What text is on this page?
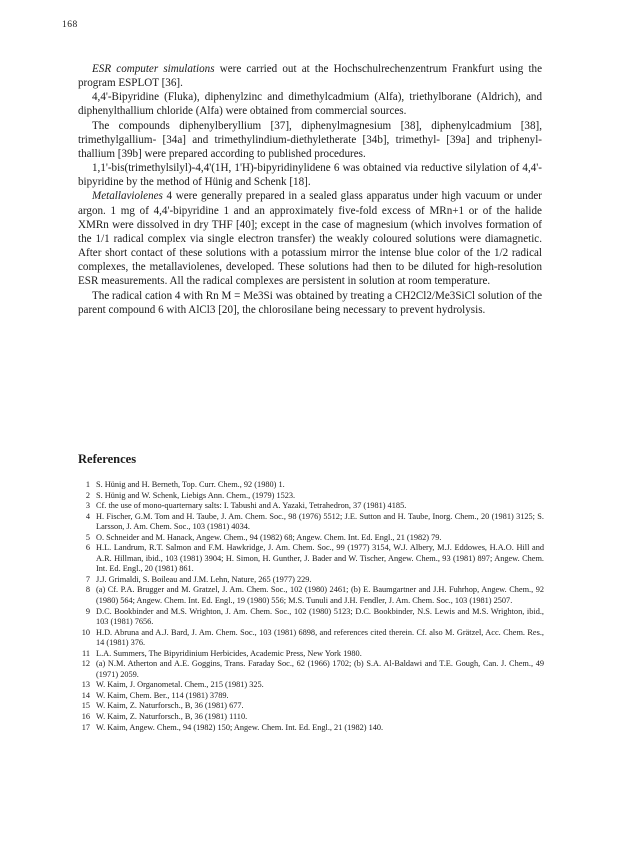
168

ESR computer simulations were carried out at the Hochschulrechenzentrum Frankfurt using the program ESPLOT [36].

4,4'-Bipyridine (Fluka), diphenylzinc and dimethylcadmium (Alfa), triethylborane (Aldrich), and diphenylthallium chloride (Alfa) were obtained from commercial sources.

The compounds diphenylberyllium [37], diphenylmagnesium [38], diphenylcadmium [38], trimethylgallium- [34a] and trimethylindium-diethyletherate [34b], trimethyl- [39a] and triphenyl-thallium [39b] were prepared according to published procedures.

1,1'-bis(trimethylsilyl)-4,4'(1H, 1'H)-bipyridinylidene 6 was obtained via reductive silylation of 4,4'-bipyridine by the method of Hünig and Schenk [18].

Metallaviolenes 4 were generally prepared in a sealed glass apparatus under high vacuum or under argon. 1 mg of 4,4'-bipyridine 1 and an approximately five-fold excess of MRn+1 or of the halide XMRn were dissolved in dry THF [40]; except in the case of magnesium (which involves formation of the 1/1 radical complex via single electron transfer) the weakly coloured solutions were diamagnetic. After short contact of these solutions with a potassium mirror the intense blue color of the 1/2 radical complexes, the metallaviolenes, developed. These solutions had then to be diluted for high-resolution ESR measurements. All the radical complexes are persistent in solution at room temperature.

The radical cation 4 with Rn M = Me3Si was obtained by treating a CH2Cl2/Me3SiCl solution of the parent compound 6 with AlCl3 [20], the chlorosilane being necessary to prevent hydrolysis.

References
1 S. Hünig and H. Berneth, Top. Curr. Chem., 92 (1980) 1.
2 S. Hünig and W. Schenk, Liebigs Ann. Chem., (1979) 1523.
3 Cf. the use of mono-quarternary salts: I. Tabushi and A. Yazaki, Tetrahedron, 37 (1981) 4185.
4 H. Fischer, G.M. Tom and H. Taube, J. Am. Chem. Soc., 98 (1976) 5512; J.E. Sutton and H. Taube, Inorg. Chem., 20 (1981) 3125; S. Larsson, J. Am. Chem. Soc., 103 (1981) 4034.
5 O. Schneider and M. Hanack, Angew. Chem., 94 (1982) 68; Angew. Chem. Int. Ed. Engl., 21 (1982) 79.
6 H.L. Landrum, R.T. Salmon and F.M. Hawkridge, J. Am. Chem. Soc., 99 (1977) 3154, W.J. Albery, M.J. Eddowes, H.A.O. Hill and A.R. Hillman, ibid., 103 (1981) 3904; H. Simon, H. Gunther, J. Bader and W. Tischer, Angew. Chem., 93 (1981) 897; Angew. Chem. Int. Ed. Engl., 20 (1981) 861.
7 J.J. Grimaldi, S. Boileau and J.M. Lehn, Nature, 265 (1977) 229.
8 (a) Cf. P.A. Brugger and M. Gratzel, J. Am. Chem. Soc., 102 (1980) 2461; (b) E. Baumgartner and J.H. Fuhrhop, Angew. Chem., 92 (1980) 564; Angew. Chem. Int. Ed. Engl., 19 (1980) 556; M.S. Tunuli and J.H. Fendler, J. Am. Chem. Soc., 103 (1981) 2507.
9 D.C. Bookbinder and M.S. Wrighton, J. Am. Chem. Soc., 102 (1980) 5123; D.C. Bookbinder, N.S. Lewis and M.S. Wrighton, ibid., 103 (1981) 7656.
10 H.D. Abruna and A.J. Bard, J. Am. Chem. Soc., 103 (1981) 6898, and references cited therein. Cf. also M. Grätzel, Acc. Chem. Res., 14 (1981) 376.
11 L.A. Summers, The Bipyridinium Herbicides, Academic Press, New York 1980.
12 (a) N.M. Atherton and A.E. Goggins, Trans. Faraday Soc., 62 (1966) 1702; (b) S.A. Al-Baldawi and T.E. Gough, Can. J. Chem., 49 (1971) 2059.
13 W. Kaim, J. Organometal. Chem., 215 (1981) 325.
14 W. Kaim, Chem. Ber., 114 (1981) 3789.
15 W. Kaim, Z. Naturforsch., B, 36 (1981) 677.
16 W. Kaim, Z. Naturforsch., B, 36 (1981) 1110.
17 W. Kaim, Angew. Chem., 94 (1982) 150; Angew. Chem. Int. Ed. Engl., 21 (1982) 140.
